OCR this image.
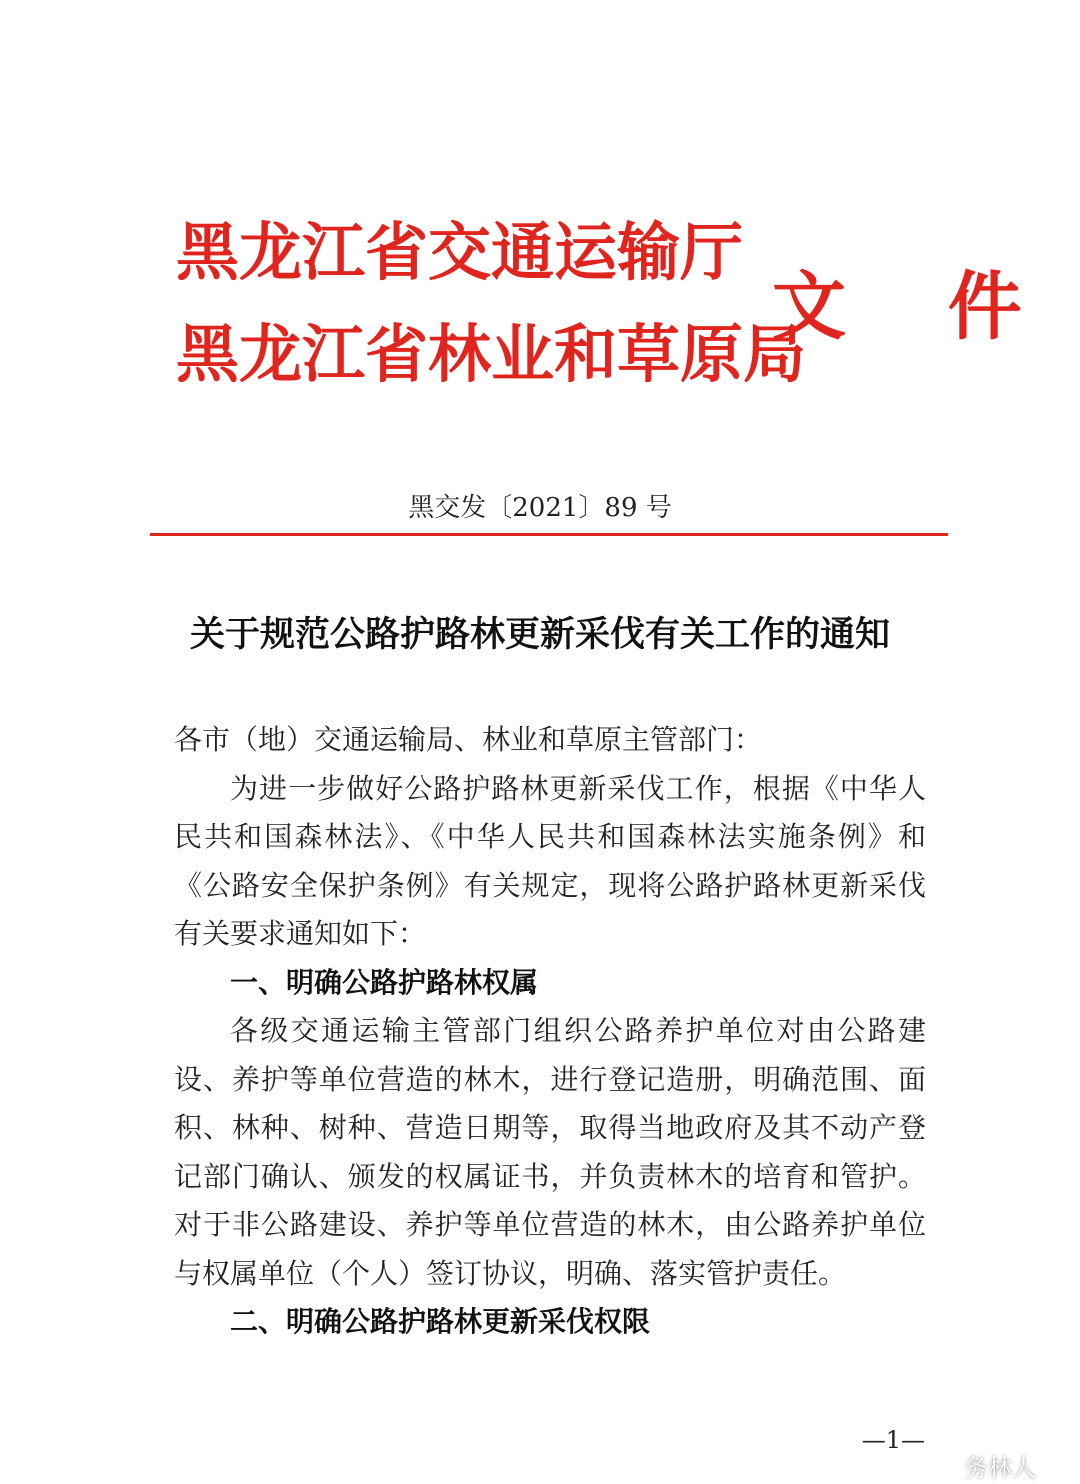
黑龙江省交通运输厅
黑龙江省林业和草原局
文 件
黑交发〔2021〕89 号
关于规范公路护路林更新采伐有关工作的通知

各市（地）交通运输局、林业和草原主管部门：

为进一步做好公路护路林更新采伐工作，根据《中华人民共和国森林法》、《中华人民共和国森林法实施条例》和《公路安全保护条例》有关规定，现将公路护路林更新采伐有关要求通知如下：

一、明确公路护路林权属

各级交通运输主管部门组织公路养护单位对由公路建设、养护等单位营造的林木，进行登记造册，明确范围、面积、林种、树种、营造日期等，取得当地政府及其不动产登记部门确认、颁发的权属证书，并负责林木的培育和管护。对于非公路建设、养护等单位营造的林木，由公路养护单位与权属单位（个人）签订协议，明确、落实管护责任。

二、明确公路护路林更新采伐权限

—1—
务林人
